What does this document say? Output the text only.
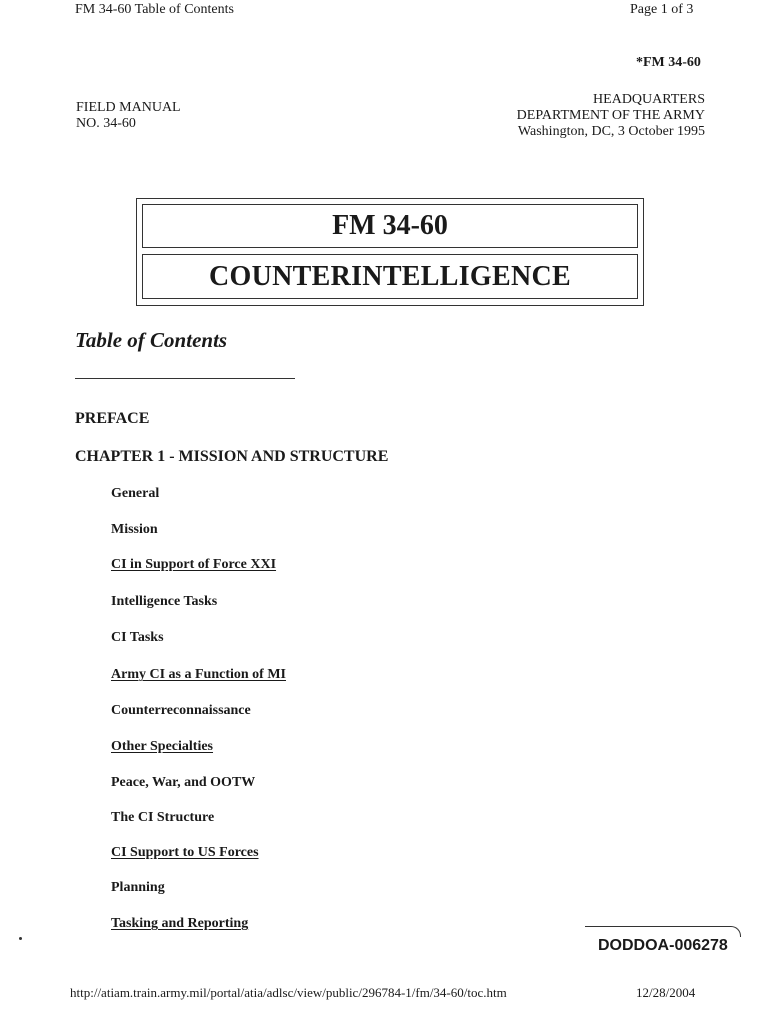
FM 34-60 Table of Contents	Page 1 of 3
*FM 34-60
FIELD MANUAL
NO. 34-60
HEADQUARTERS
DEPARTMENT OF THE ARMY
Washington, DC, 3 October 1995
FM 34-60
COUNTERINTELLIGENCE
Table of Contents
PREFACE
CHAPTER 1 - MISSION AND STRUCTURE
General
Mission
CI in Support of Force XXI
Intelligence Tasks
CI Tasks
Army CI as a Function of MI
Counterreconnaissance
Other Specialties
Peace, War, and OOTW
The CI Structure
CI Support to US Forces
Planning
Tasking and Reporting
DODDOA-006278
http://atiam.train.army.mil/portal/atia/adlsc/view/public/296784-1/fm/34-60/toc.htm	12/28/2004
